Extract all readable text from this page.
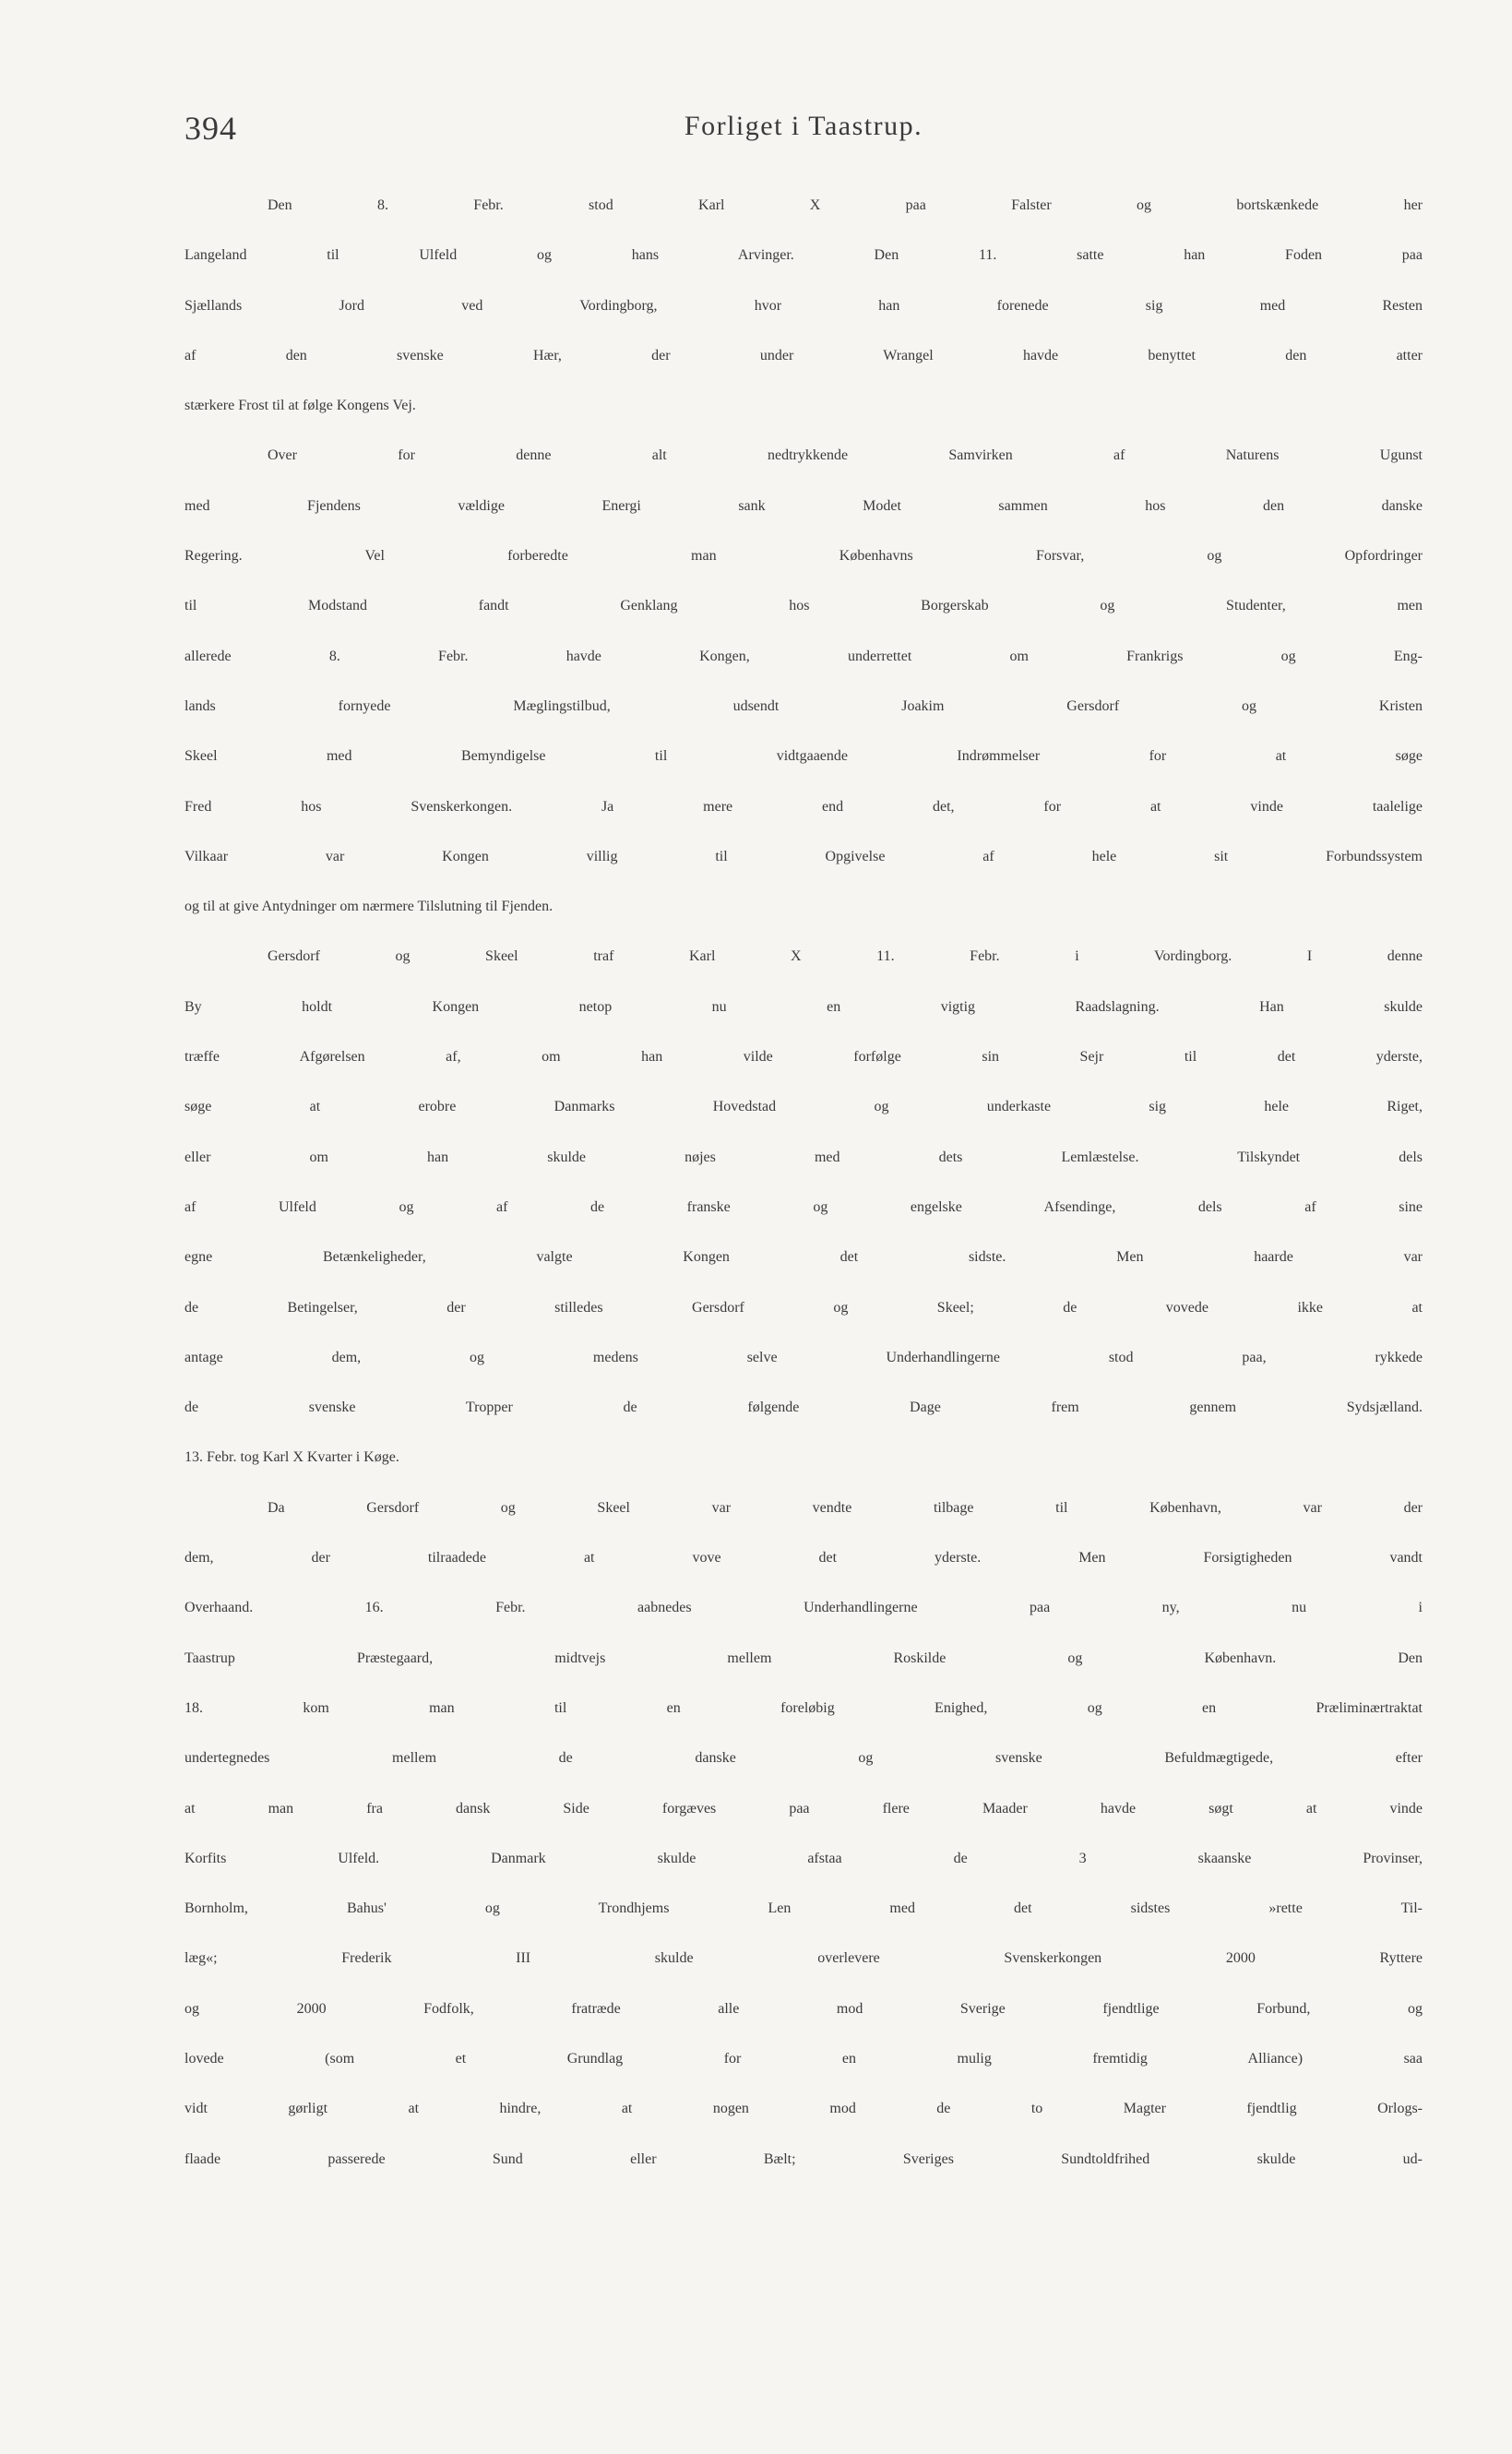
394	Forliget i Taastrup.
Den 8. Febr. stod Karl X paa Falster og bortskænkede her
Langeland til Ulfeld og hans Arvinger. Den 11. satte han Foden paa
Sjællands Jord ved Vordingborg, hvor han forenede sig med Resten
af den svenske Hær, der under Wrangel havde benyttet den atter
stærkere Frost til at følge Kongens Vej.
Over for denne alt nedtrykkende Samvirken af Naturens Ugunst
med Fjendens vældige Energi sank Modet sammen hos den danske
Regering. Vel forberedte man Københavns Forsvar, og Opfordringer
til Modstand fandt Genklang hos Borgerskab og Studenter, men
allerede 8. Febr. havde Kongen, underrettet om Frankrigs og Eng-
lands fornyede Mæglingstilbud, udsendt Joakim Gersdorf og Kristen
Skeel med Bemyndigelse til vidtgaaende Indrømmelser for at søge
Fred hos Svenskerkongen. Ja mere end det, for at vinde taalelige
Vilkaar var Kongen villig til Opgivelse af hele sit Forbundssystem
og til at give Antydninger om nærmere Tilslutning til Fjenden.
Gersdorf og Skeel traf Karl X 11. Febr. i Vordingborg. I denne
By holdt Kongen netop nu en vigtig Raadslagning. Han skulde
træffe Afgørelsen af, om han vilde forfølge sin Sejr til det yderste,
søge at erobre Danmarks Hovedstad og underkaste sig hele Riget,
eller om han skulde nøjes med dets Lemlæstelse. Tilskyndet dels
af Ulfeld og af de franske og engelske Afsendinge, dels af sine
egne Betænkeligheder, valgte Kongen det sidste. Men haarde var
de Betingelser, der stilledes Gersdorf og Skeel; de vovede ikke at
antage dem, og medens selve Underhandlingerne stod paa, rykkede
de svenske Tropper de følgende Dage frem gennem Sydsjælland.
13. Febr. tog Karl X Kvarter i Køge.
Da Gersdorf og Skeel var vendte tilbage til København, var der
dem, der tilraadede at vove det yderste. Men Forsigtigheden vandt
Overhaand. 16. Febr. aabnedes Underhandlingerne paa ny, nu i
Taastrup Præstegaard, midtvejs mellem Roskilde og København. Den
18. kom man til en foreløbig Enighed, og en Præliminærtraktat
undertegnedes mellem de danske og svenske Befuldmægtigede, efter
at man fra dansk Side forgæves paa flere Maader havde søgt at vinde
Korfits Ulfeld. Danmark skulde afstaa de 3 skaanske Provinser,
Bornholm, Bahus' og Trondhjems Len med det sidstes »rette Til-
læg«; Frederik III skulde overlevere Svenskerkongen 2000 Ryttere
og 2000 Fodfolk, fratræde alle mod Sverige fjendtlige Forbund, og
lovede (som et Grundlag for en mulig fremtidig Alliance) saa
vidt gørligt at hindre, at nogen mod de to Magter fjendtlig Orlogs-
flaade passerede Sund eller Bælt; Sveriges Sundtoldfrihed skulde ud-
